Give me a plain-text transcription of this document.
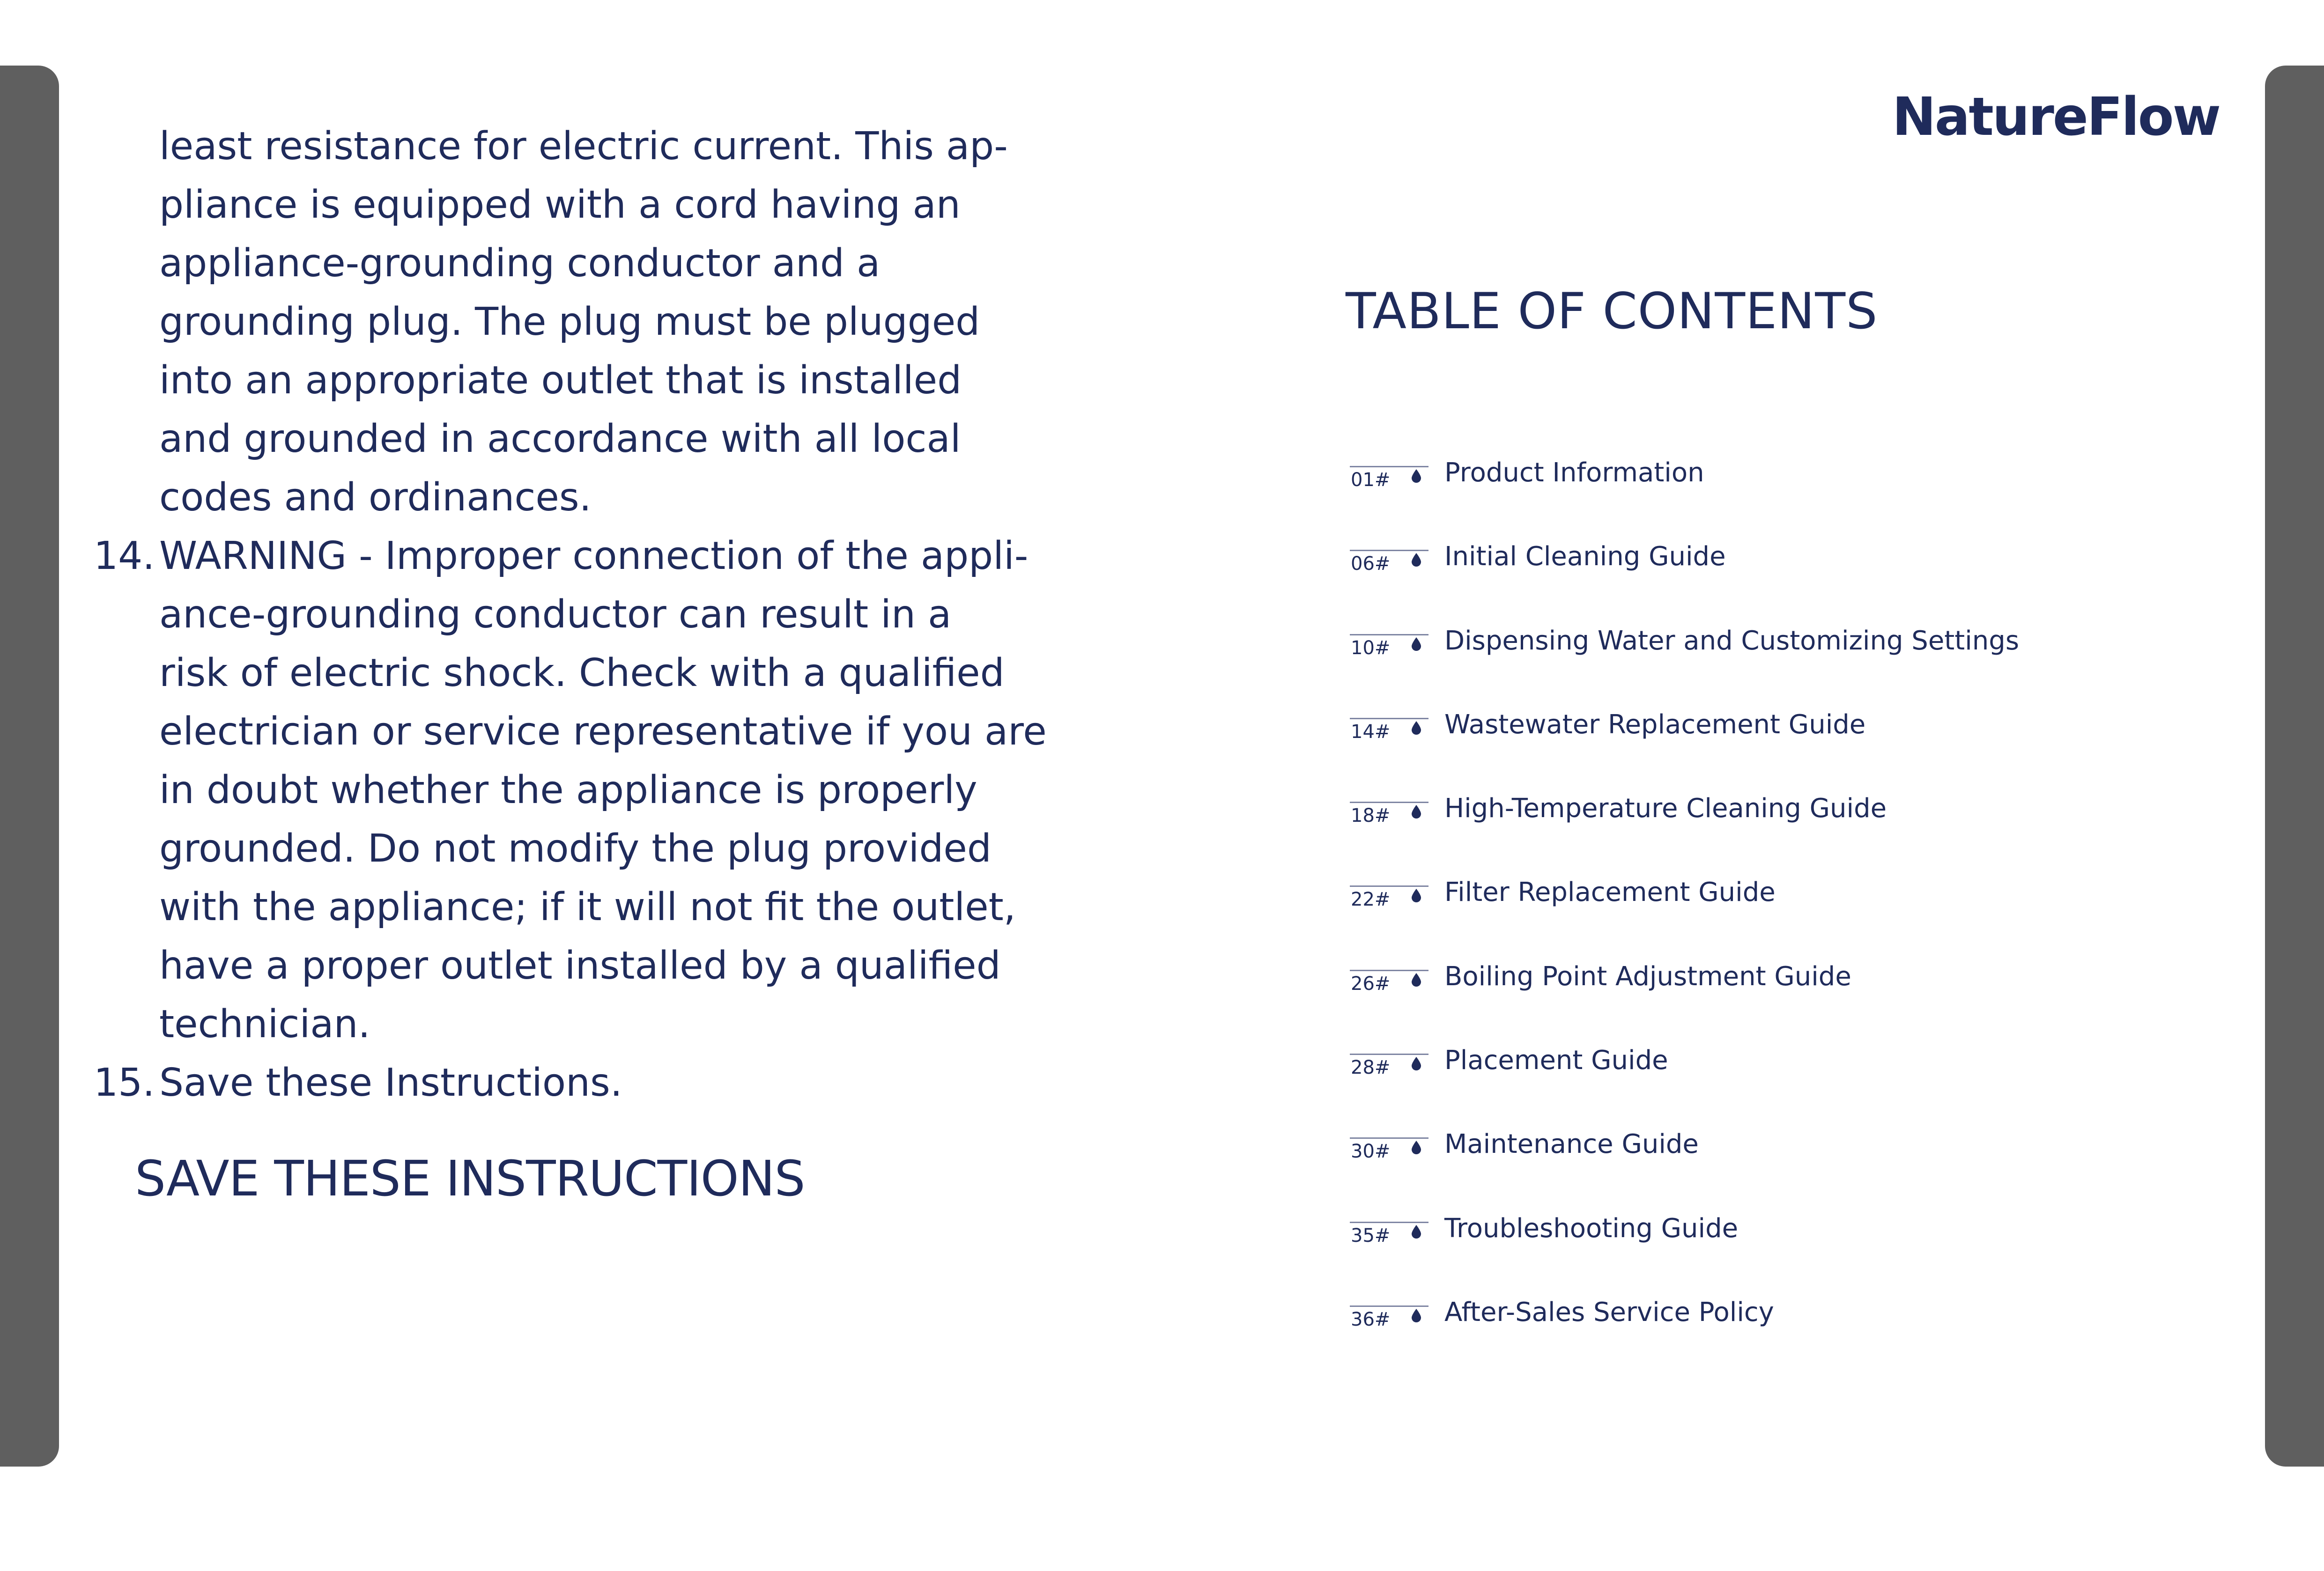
least resistance for electric current. This ap-
pliance is equipped with a cord having an
appliance-grounding conductor and a
grounding plug. The plug must be plugged
into an appropriate outlet that is installed
and grounded in accordance with all local
codes and ordinances.
14. WARNING - Improper connection of the appli-
ance-grounding conductor can result in a
risk of electric shock. Check with a qualified
electrician or service representative if you are
in doubt whether the appliance is properly
grounded. Do not modify the plug provided
with the appliance; if it will not fit the outlet,
have a proper outlet installed by a qualified
technician.
15. Save these Instructions.
SAVE THESE INSTRUCTIONS
NatureFlow
TABLE OF CONTENTS
01# Product Information
06# Initial Cleaning Guide
10# Dispensing Water and Customizing Settings
14# Wastewater Replacement Guide
18# High-Temperature Cleaning Guide
22# Filter Replacement Guide
26# Boiling Point Adjustment Guide
28# Placement Guide
30# Maintenance Guide
35# Troubleshooting Guide
36# After-Sales Service Policy
